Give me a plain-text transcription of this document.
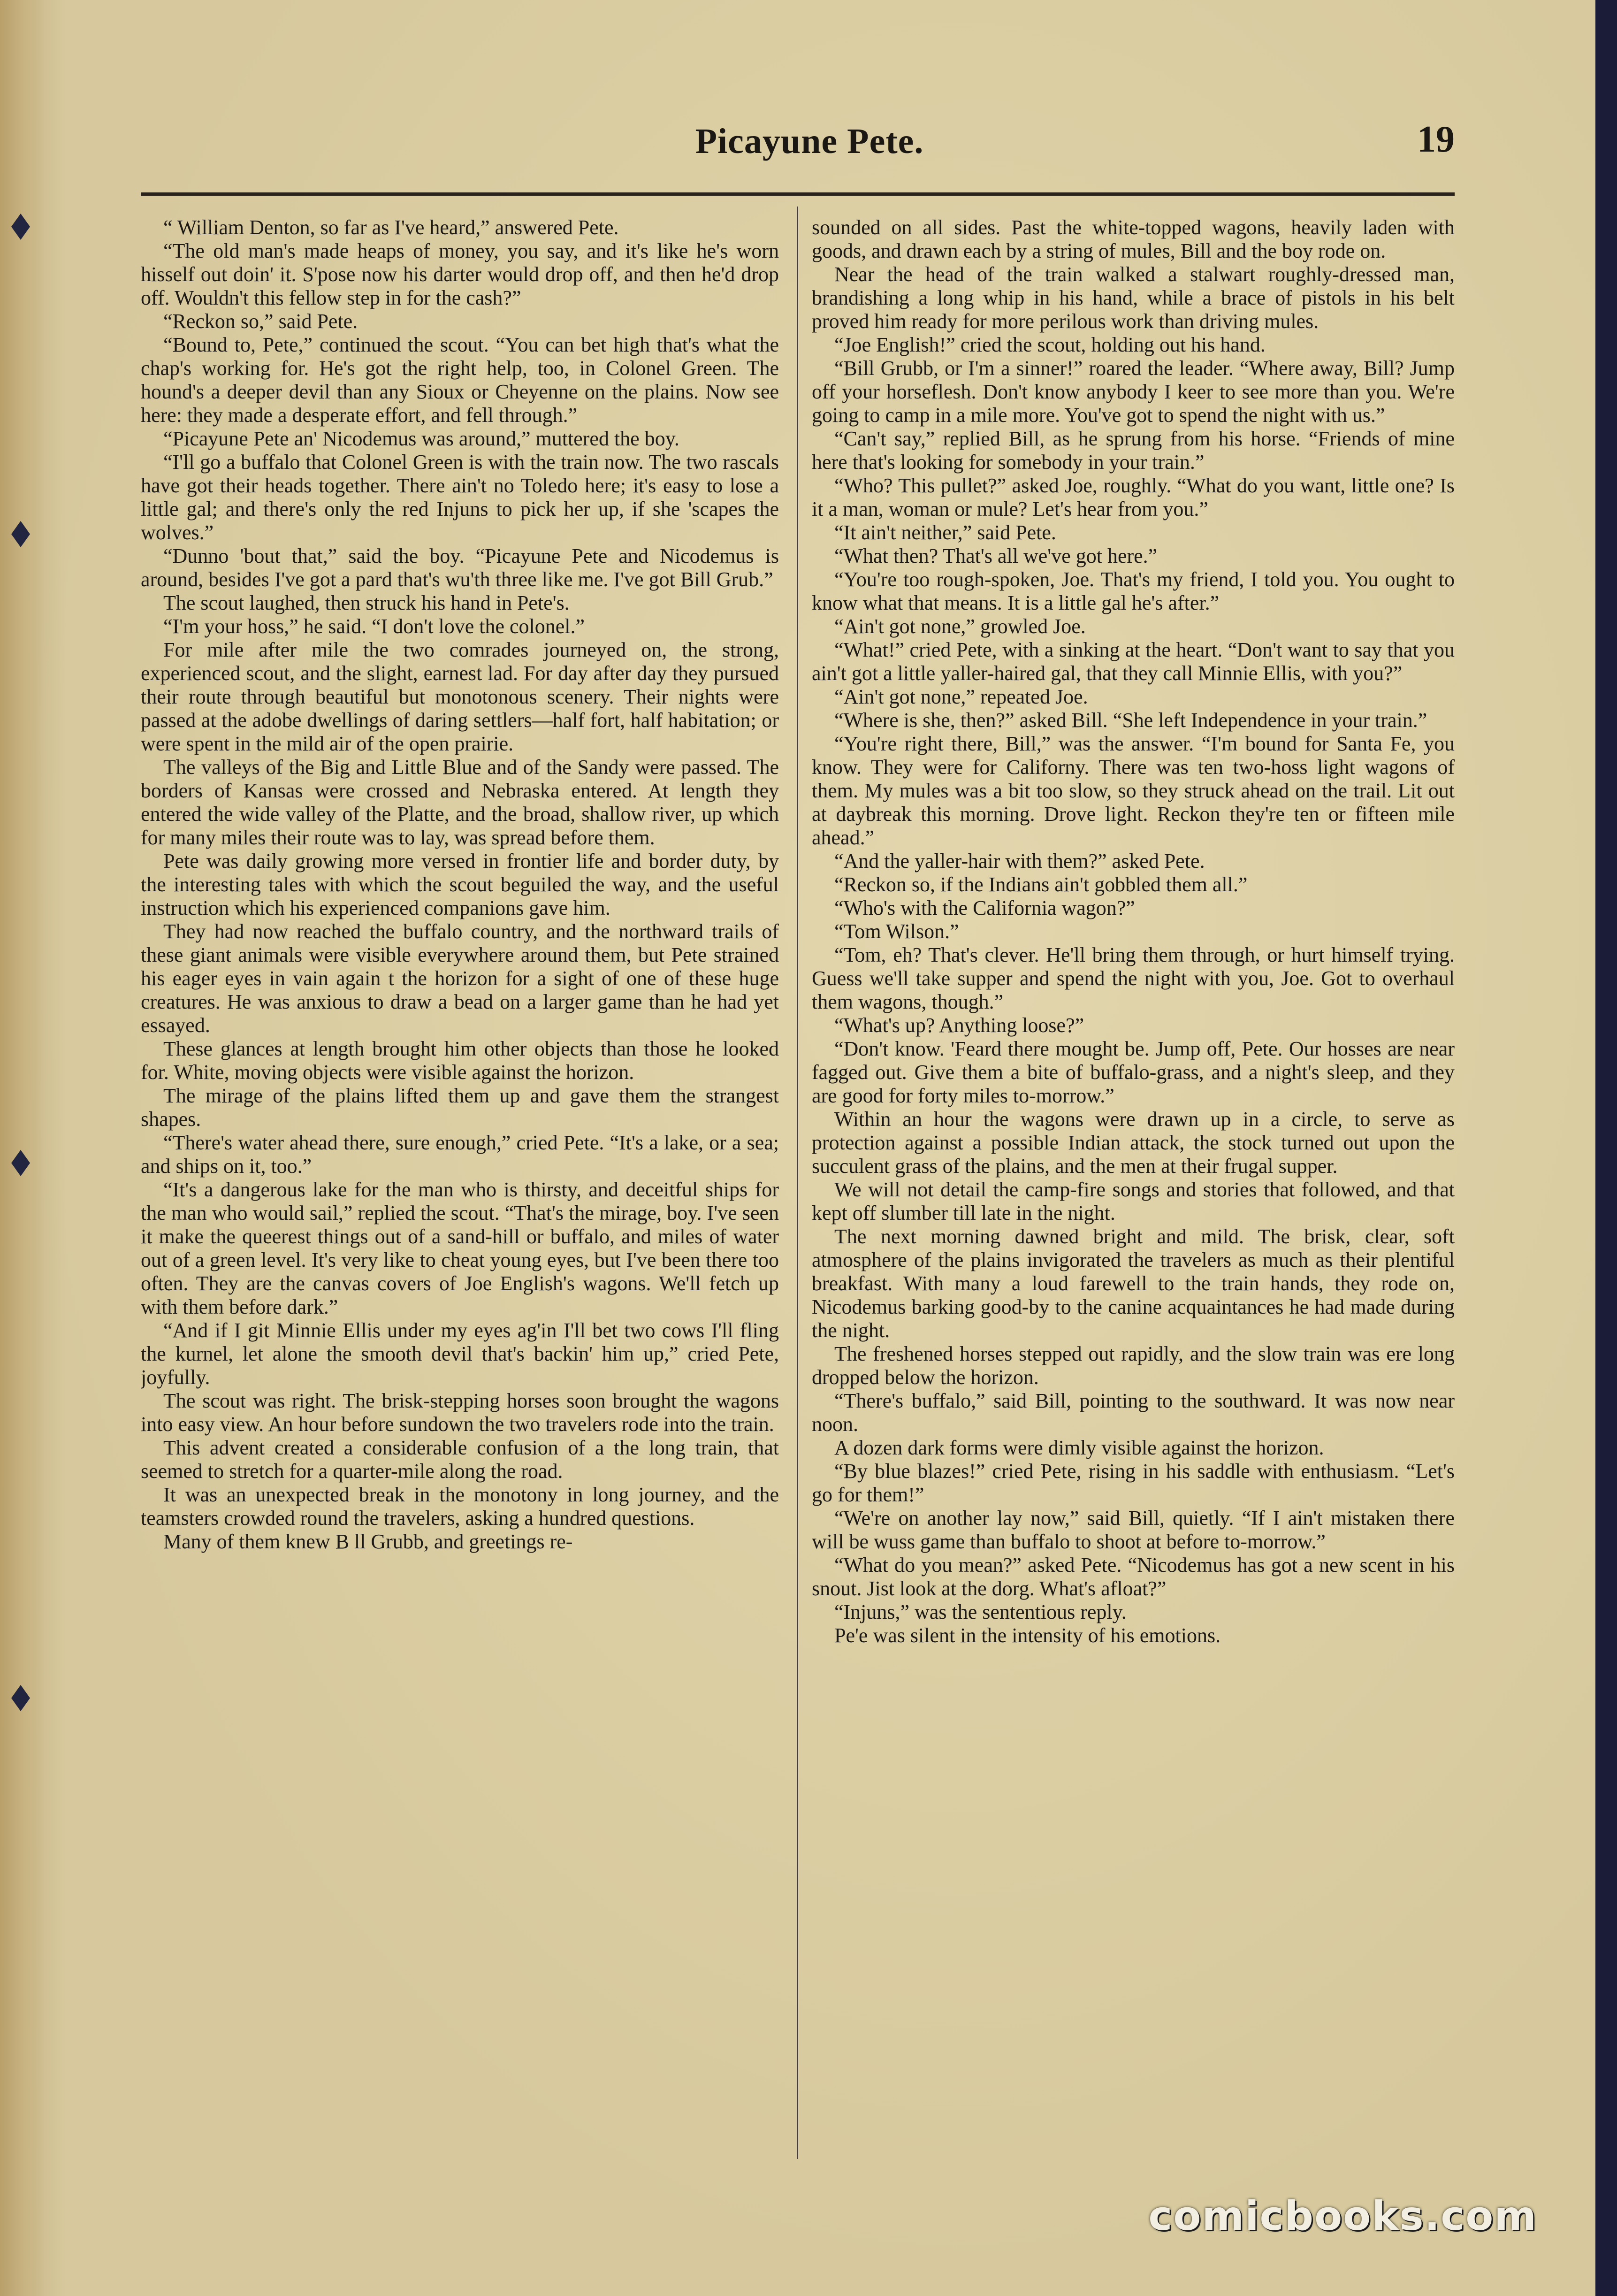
Picayune Pete.	19

“ William Denton, so far as I've heard,” answered Pete.

“The old man's made heaps of money, you say, and it's like he's worn hisself out doin' it. S'pose now his darter would drop off, and then he'd drop off. Wouldn't this fellow step in for the cash?”

“Reckon so,” said Pete.

“Bound to, Pete,” continued the scout. “You can bet high that's what the chap's working for. He's got the right help, too, in Colonel Green. The hound's a deeper devil than any Sioux or Cheyenne on the plains. Now see here: they made a desperate effort, and fell through.”

“Picayune Pete an' Nicodemus was around,” muttered the boy.

“I'll go a buffalo that Colonel Green is with the train now. The two rascals have got their heads together. There ain't no Toledo here; it's easy to lose a little gal; and there's only the red Injuns to pick her up, if she 'scapes the wolves.”

“Dunno 'bout that,” said the boy. “Picayune Pete and Nicodemus is around, besides I've got a pard that's wu'th three like me. I've got Bill Grub.”

The scout laughed, then struck his hand in Pete's.

“I'm your hoss,” he said. “I don't love the colonel.”

For mile after mile the two comrades journeyed on, the strong, experienced scout, and the slight, earnest lad. For day after day they pursued their route through beautiful but monotonous scenery. Their nights were passed at the adobe dwellings of daring settlers—half fort, half habitation; or were spent in the mild air of the open prairie.

The valleys of the Big and Little Blue and of the Sandy were passed. The borders of Kansas were crossed and Nebraska entered. At length they entered the wide valley of the Platte, and the broad, shallow river, up which for many miles their route was to lay, was spread before them.

Pete was daily growing more versed in frontier life and border duty, by the interesting tales with which the scout beguiled the way, and the useful instruction which his experienced companions gave him.

They had now reached the buffalo country, and the northward trails of these giant animals were visible everywhere around them, but Pete strained his eager eyes in vain again t the horizon for a sight of one of these huge creatures. He was anxious to draw a bead on a larger game than he had yet essayed.

These glances at length brought him other objects than those he looked for. White, moving objects were visible against the horizon.

The mirage of the plains lifted them up and gave them the strangest shapes.

“There's water ahead there, sure enough,” cried Pete. “It's a lake, or a sea; and ships on it, too.”

“It's a dangerous lake for the man who is thirsty, and deceitful ships for the man who would sail,” replied the scout. “That's the mirage, boy. I've seen it make the queerest things out of a sand-hill or buffalo, and miles of water out of a green level. It's very like to cheat young eyes, but I've been there too often. They are the canvas covers of Joe English's wagons. We'll fetch up with them before dark.”

“And if I git Minnie Ellis under my eyes ag'in I'll bet two cows I'll fling the kurnel, let alone the smooth devil that's backin' him up,” cried Pete, joyfully.

The scout was right. The brisk-stepping horses soon brought the wagons into easy view. An hour before sundown the two travelers rode into the train.

This advent created a considerable confusion of a the long train, that seemed to stretch for a quarter-mile along the road.

It was an unexpected break in the monotony in long journey, and the teamsters crowded round the travelers, asking a hundred questions.

Many of them knew B ll Grubb, and greetings re-

sounded on all sides. Past the white-topped wagons, heavily laden with goods, and drawn each by a string of mules, Bill and the boy rode on.

Near the head of the train walked a stalwart roughly-dressed man, brandishing a long whip in his hand, while a brace of pistols in his belt proved him ready for more perilous work than driving mules.

“Joe English!” cried the scout, holding out his hand.

“Bill Grubb, or I'm a sinner!” roared the leader. “Where away, Bill? Jump off your horseflesh. Don't know anybody I keer to see more than you. We're going to camp in a mile more. You've got to spend the night with us.”

“Can't say,” replied Bill, as he sprung from his horse. “Friends of mine here that's looking for somebody in your train.”

“Who? This pullet?” asked Joe, roughly. “What do you want, little one? Is it a man, woman or mule? Let's hear from you.”

“It ain't neither,” said Pete.

“What then? That's all we've got here.”

“You're too rough-spoken, Joe. That's my friend, I told you. You ought to know what that means. It is a little gal he's after.”

“Ain't got none,” growled Joe.

“What!” cried Pete, with a sinking at the heart. “Don't want to say that you ain't got a little yaller-haired gal, that they call Minnie Ellis, with you?”

“Ain't got none,” repeated Joe.

“Where is she, then?” asked Bill. “She left Independence in your train.”

“You're right there, Bill,” was the answer. “I'm bound for Santa Fe, you know. They were for Californy. There was ten two-hoss light wagons of them. My mules was a bit too slow, so they struck ahead on the trail. Lit out at daybreak this morning. Drove light. Reckon they're ten or fifteen mile ahead.”

“And the yaller-hair with them?” asked Pete.

“Reckon so, if the Indians ain't gobbled them all.”

“Who's with the California wagon?”

“Tom Wilson.”

“Tom, eh? That's clever. He'll bring them through, or hurt himself trying. Guess we'll take supper and spend the night with you, Joe. Got to overhaul them wagons, though.”

“What's up? Anything loose?”

“Don't know. 'Feard there mought be. Jump off, Pete. Our hosses are near fagged out. Give them a bite of buffalo-grass, and a night's sleep, and they are good for forty miles to-morrow.”

Within an hour the wagons were drawn up in a circle, to serve as protection against a possible Indian attack, the stock turned out upon the succulent grass of the plains, and the men at their frugal supper.

We will not detail the camp-fire songs and stories that followed, and that kept off slumber till late in the night.

The next morning dawned bright and mild. The brisk, clear, soft atmosphere of the plains invigorated the travelers as much as their plentiful breakfast. With many a loud farewell to the train hands, they rode on, Nicodemus barking good-by to the canine acquaintances he had made during the night.

The freshened horses stepped out rapidly, and the slow train was ere long dropped below the horizon.

“There's buffalo,” said Bill, pointing to the southward. It was now near noon.

A dozen dark forms were dimly visible against the horizon.

“By blue blazes!” cried Pete, rising in his saddle with enthusiasm. “Let's go for them!”

“We're on another lay now,” said Bill, quietly. “If I ain't mistaken there will be wuss game than buffalo to shoot at before to-morrow.”

“What do you mean?” asked Pete. “Nicodemus has got a new scent in his snout. Jist look at the dorg. What's afloat?”

“Injuns,” was the sententious reply.

Pe'e was silent in the intensity of his emotions.

comicbooks.com
